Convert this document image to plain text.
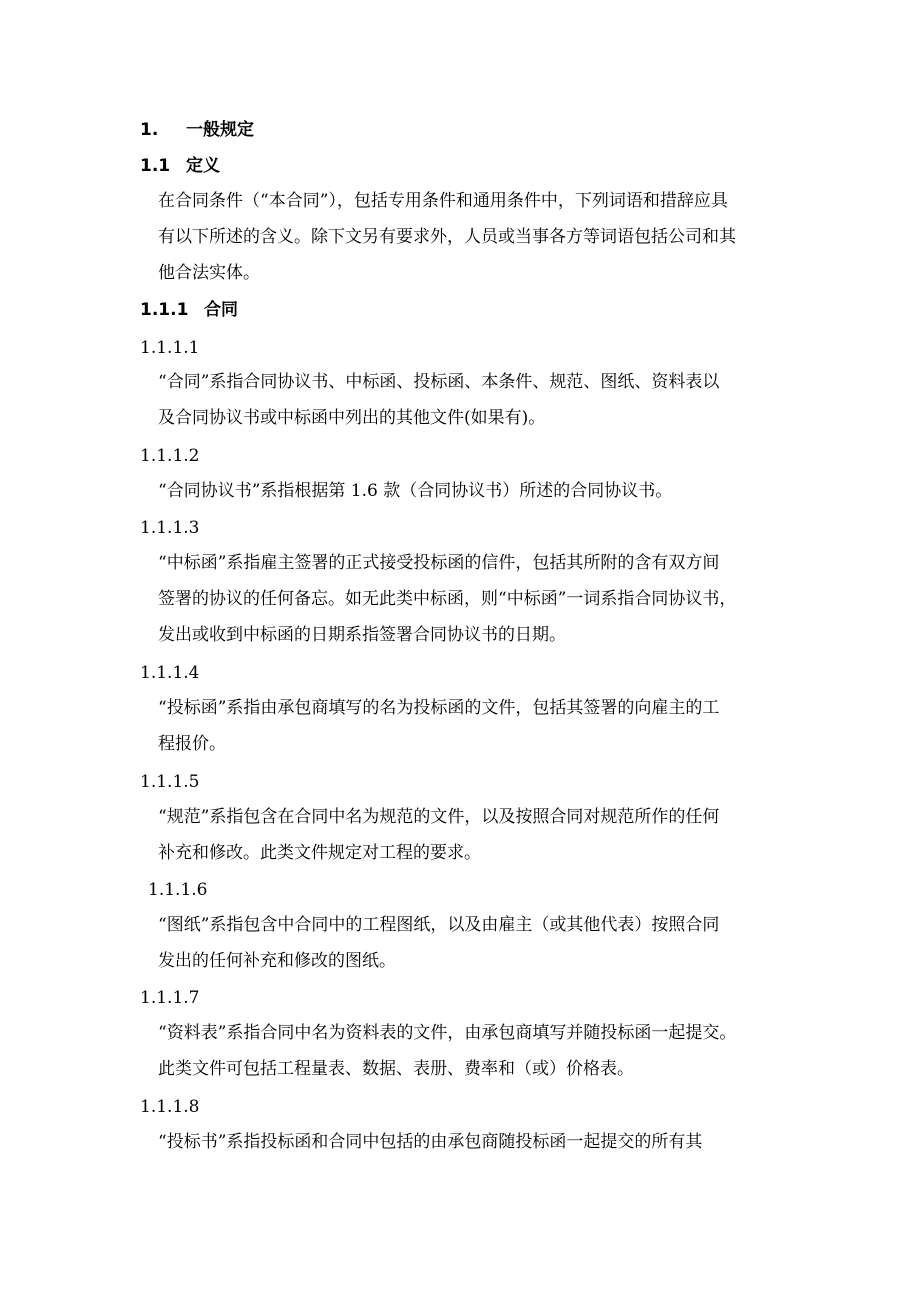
1. 一般规定
1.1 定义
在合同条件（“本合同”），包括专用条件和通用条件中，下列词语和措辞应具
有以下所述的含义。除下文另有要求外，人员或当事各方等词语包括公司和其
他合法实体。
1.1.1 合同
1.1.1.1
“合同”系指合同协议书、中标函、投标函、本条件、规范、图纸、资料表以
及合同协议书或中标函中列出的其他文件(如果有)。
1.1.1.2
“合同协议书”系指根据第 1.6 款（合同协议书）所述的合同协议书。
1.1.1.3
“中标函”系指雇主签署的正式接受投标函的信件，包括其所附的含有双方间
签署的协议的任何备忘。如无此类中标函，则“中标函”一词系指合同协议书，
发出或收到中标函的日期系指签署合同协议书的日期。
1.1.1.4
“投标函”系指由承包商填写的名为投标函的文件，包括其签署的向雇主的工
程报价。
1.1.1.5
“规范”系指包含在合同中名为规范的文件，以及按照合同对规范所作的任何
补充和修改。此类文件规定对工程的要求。
1.1.1.6
“图纸”系指包含中合同中的工程图纸，以及由雇主（或其他代表）按照合同
发出的任何补充和修改的图纸。
1.1.1.7
“资料表”系指合同中名为资料表的文件，由承包商填写并随投标函一起提交。
此类文件可包括工程量表、数据、表册、费率和（或）价格表。
1.1.1.8
“投标书”系指投标函和合同中包括的由承包商随投标函一起提交的所有其
